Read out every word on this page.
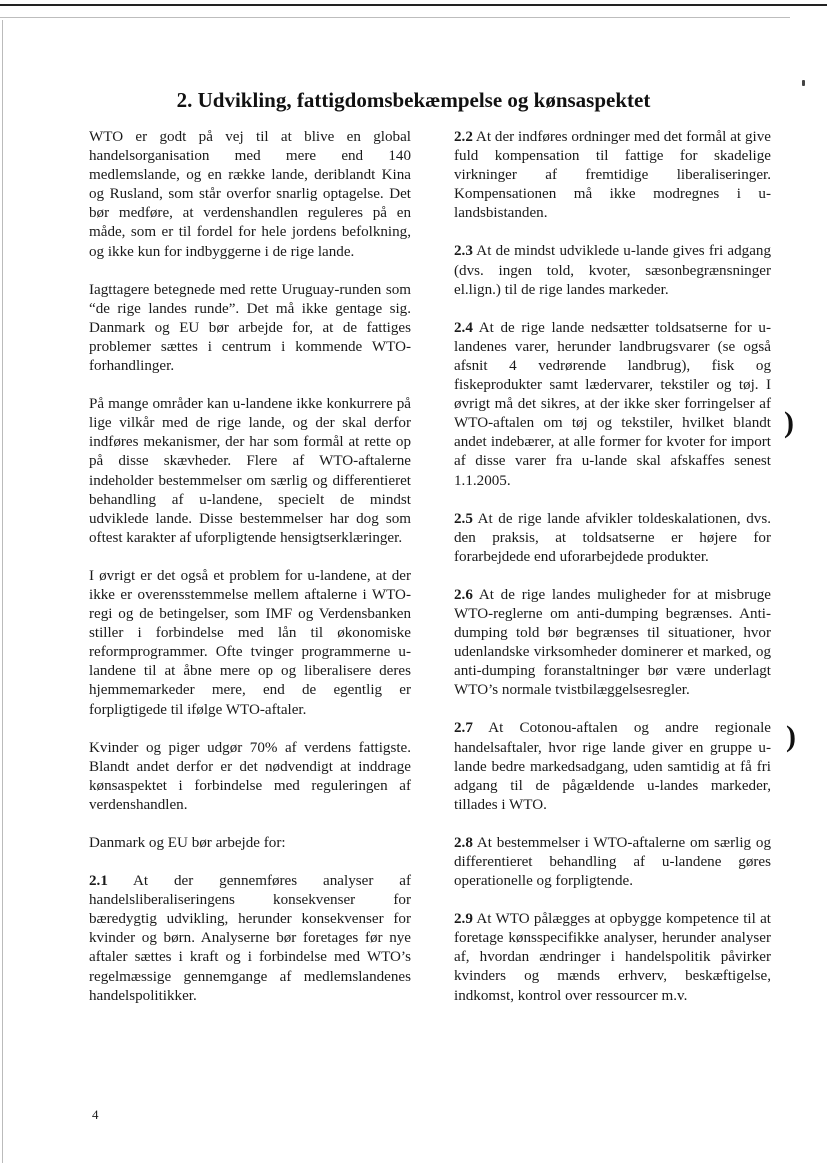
)
)
2. Udvikling, fattigdomsbekæmpelse og kønsaspektet

WTO er godt på vej til at blive en global handelsorganisation med mere end 140 medlemslande, og en række lande, deriblandt Kina og Rusland, som står overfor snarlig optagelse. Det bør medføre, at verdenshandlen reguleres på en måde, som er til fordel for hele jordens befolkning, og ikke kun for indbyggerne i de rige lande.

Iagttagere betegnede med rette Uruguay-runden som “de rige landes runde”. Det må ikke gentage sig. Danmark og EU bør arbejde for, at de fattiges problemer sættes i centrum i kommende WTO-forhandlinger.

På mange områder kan u-landene ikke konkurrere på lige vilkår med de rige lande, og der skal derfor indføres mekanismer, der har som formål at rette op på disse skævheder. Flere af WTO-aftalerne indeholder bestemmelser om særlig og differentieret behandling af u-landene, specielt de mindst udviklede lande. Disse bestemmelser har dog som oftest karakter af uforpligtende hensigtserklæringer.

I øvrigt er det også et problem for u-landene, at der ikke er overensstemmelse mellem aftalerne i WTO-regi og de betingelser, som IMF og Verdensbanken stiller i forbindelse med lån til økonomiske reformprogrammer. Ofte tvinger programmerne u-landene til at åbne mere op og liberalisere deres hjemmemarkeder mere, end de egentlig er forpligtigede til ifølge WTO-aftaler.

Kvinder og piger udgør 70% af verdens fattigste. Blandt andet derfor er det nødvendigt at inddrage kønsaspektet i forbindelse med reguleringen af verdenshandlen.

Danmark og EU bør arbejde for:

2.1 At der gennemføres analyser af handelsliberaliseringens konsekvenser for bæredygtig udvikling, herunder konsekvenser for kvinder og børn. Analyserne bør foretages før nye aftaler sættes i kraft og i forbindelse med WTO’s regelmæssige gennemgange af medlemslandenes handelspolitikker.

2.2 At der indføres ordninger med det formål at give fuld kompensation til fattige for skadelige virkninger af fremtidige liberaliseringer. Kompensationen må ikke modregnes i u-landsbistanden.

2.3 At de mindst udviklede u-lande gives fri adgang (dvs. ingen told, kvoter, sæsonbegrænsninger el.lign.) til de rige landes markeder.

2.4 At de rige lande nedsætter toldsatserne for u-landenes varer, herunder landbrugsvarer (se også afsnit 4 vedrørende landbrug), fisk og fiskeprodukter samt lædervarer, tekstiler og tøj. I øvrigt må det sikres, at der ikke sker forringelser af WTO-aftalen om tøj og tekstiler, hvilket blandt andet indebærer, at alle former for kvoter for import af disse varer fra u-lande skal afskaffes senest 1.1.2005.

2.5 At de rige lande afvikler toldeskalationen, dvs. den praksis, at toldsatserne er højere for forarbejdede end uforarbejdede produkter.

2.6 At de rige landes muligheder for at misbruge WTO-reglerne om anti-dumping begrænses. Anti-dumping told bør begrænses til situationer, hvor udenlandske virksomheder dominerer et marked, og anti-dumping foranstaltninger bør være underlagt WTO’s normale tvistbilæggelsesregler.

2.7 At Cotonou-aftalen og andre regionale handelsaftaler, hvor rige lande giver en gruppe u-lande bedre markedsadgang, uden samtidig at få fri adgang til de pågældende u-landes markeder, tillades i WTO.

2.8 At bestemmelser i WTO-aftalerne om særlig og differentieret behandling af u-landene gøres operationelle og forpligtende.

2.9 At WTO pålægges at opbygge kompetence til at foretage kønsspecifikke analyser, herunder analyser af, hvordan ændringer i handelspolitik påvirker kvinders og mænds erhverv, beskæftigelse, indkomst, kontrol over ressourcer m.v.

4
